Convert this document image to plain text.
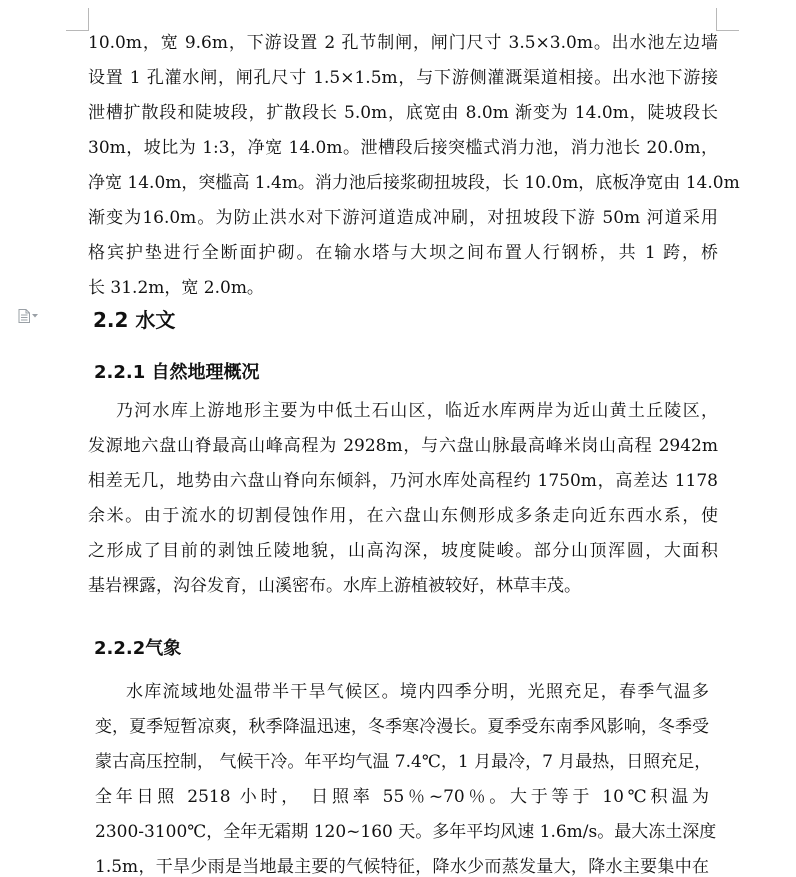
10.0m，宽 9.6m，下游设置 2 孔节制闸，闸门尺寸 3.5×3.0m。出水池左边墙
设置 1 孔灌水闸，闸孔尺寸 1.5×1.5m，与下游侧灌溉渠道相接。出水池下游接
泄槽扩散段和陡坡段，扩散段长 5.0m，底宽由 8.0m 渐变为 14.0m，陡坡段长
30m，坡比为 1:3，净宽 14.0m。泄槽段后接突槛式消力池，消力池长 20.0m，
净宽 14.0m，突槛高 1.4m。消力池后接浆砌扭坡段，长 10.0m，底板净宽由 14.0m
渐变为16.0m。为防止洪水对下游河道造成冲刷，对扭坡段下游 50m 河道采用
格宾护垫进行全断面护砌。在输水塔与大坝之间布置人行钢桥，共 1 跨，桥
长 31.2m，宽 2.0m。
2.2 水文
2.2.1 自然地理概况
乃河水库上游地形主要为中低土石山区，临近水库两岸为近山黄土丘陵区，
发源地六盘山脊最高山峰高程为 2928m，与六盘山脉最高峰米岗山高程 2942m
相差无几，地势由六盘山脊向东倾斜，乃河水库处高程约 1750m，高差达 1178
余米。由于流水的切割侵蚀作用，在六盘山东侧形成多条走向近东西水系，使
之形成了目前的剥蚀丘陵地貌，山高沟深，坡度陡峻。部分山顶浑圆，大面积
基岩裸露，沟谷发育，山溪密布。水库上游植被较好，林草丰茂。
2.2.2气象
水库流域地处温带半干旱气候区。境内四季分明，光照充足，春季气温多
变，夏季短暂凉爽，秋季降温迅速，冬季寒冷漫长。夏季受东南季风影响，冬季受
蒙古高压控制， 气候干冷。年平均气温 7.4℃，1 月最冷，7 月最热，日照充足，
全年日照 2518 小时， 日照率 55％~70％。大于等于 10℃积温为
2300-3100℃，全年无霜期 120~160 天。多年平均风速 1.6m/s。最大冻土深度
1.5m，干旱少雨是当地最主要的气候特征，降水少而蒸发量大，降水主要集中在
